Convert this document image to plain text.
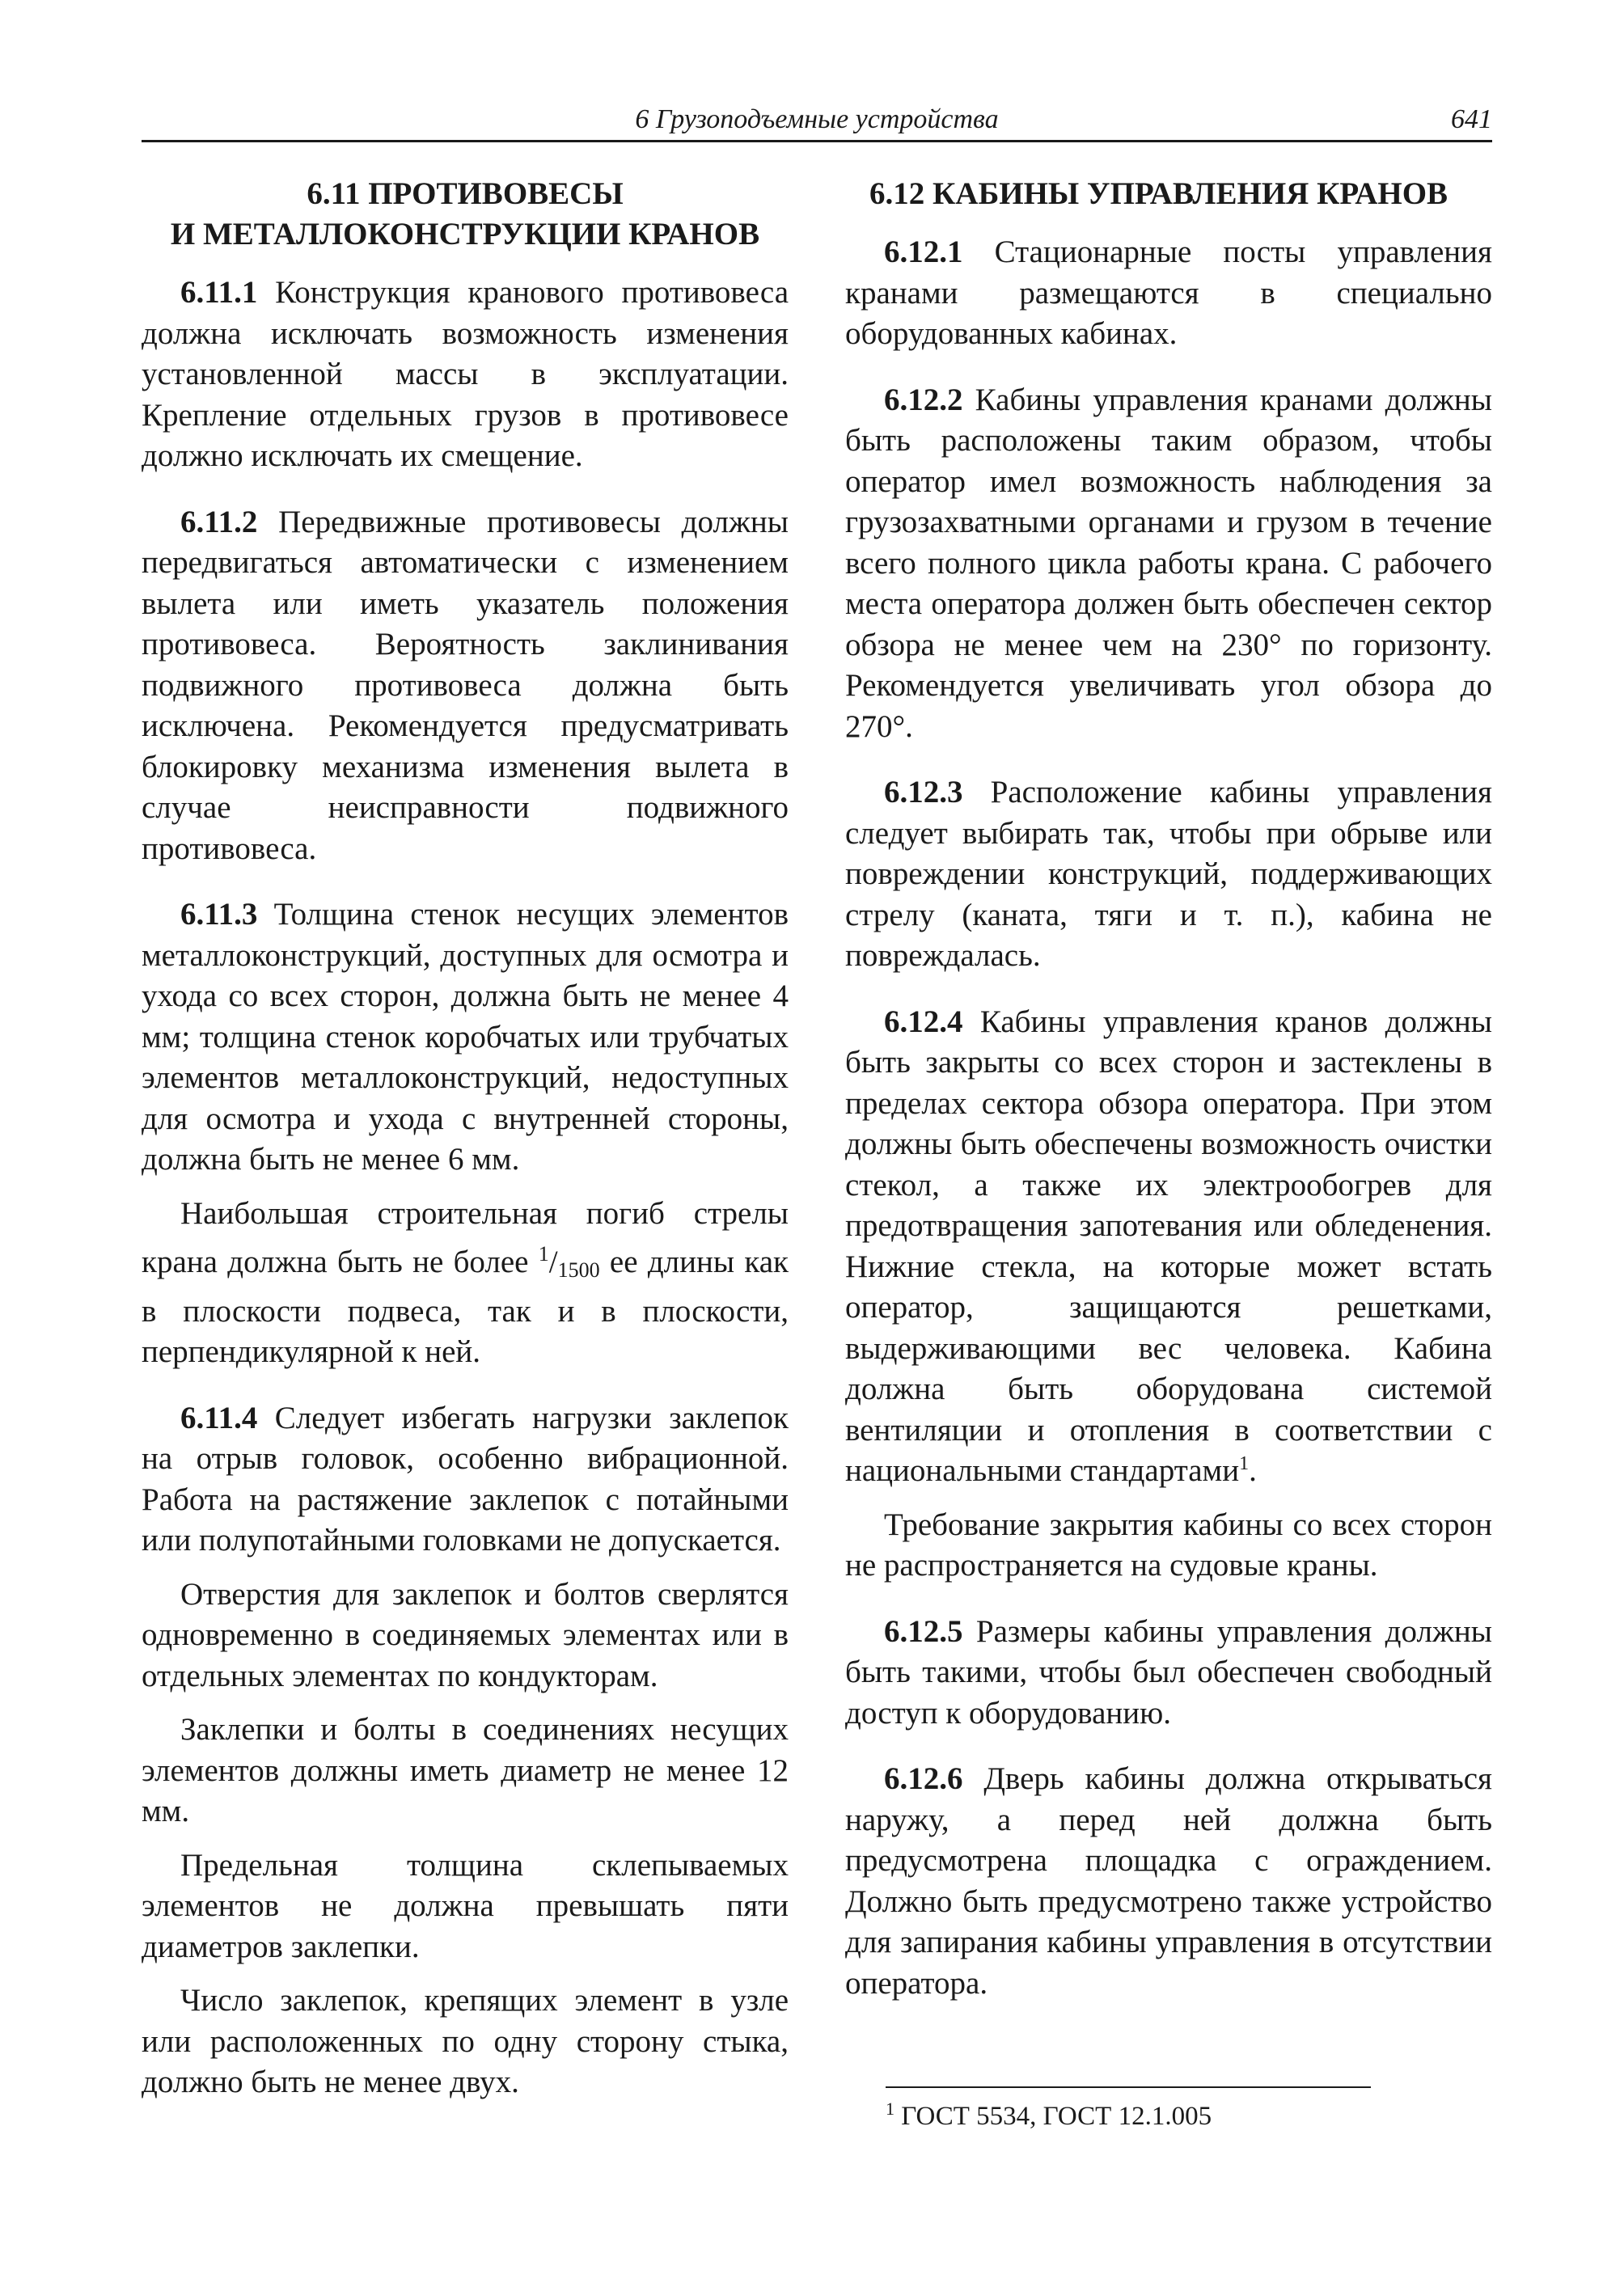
6 Грузоподъемные устройства	641
6.11 ПРОТИВОВЕСЫ
И МЕТАЛЛОКОНСТРУКЦИИ КРАНОВ

6.11.1 Конструкция кранового противовеса должна исключать возможность изменения установленной массы в эксплуатации. Крепление отдельных грузов в противовесе должно исключать их смещение.

6.11.2 Передвижные противовесы должны передвигаться автоматически с изменением вылета или иметь указатель положения противовеса. Вероятность заклинивания подвижного противовеса должна быть исключена. Рекомендуется предусматривать блокировку механизма изменения вылета в случае неисправности подвижного противовеса.

6.11.3 Толщина стенок несущих элементов металлоконструкций, доступных для осмотра и ухода со всех сторон, должна быть не менее 4 мм; толщина стенок коробчатых или трубчатых элементов металлоконструкций, недоступных для осмотра и ухода с внутренней стороны, должна быть не менее 6 мм.

Наибольшая строительная погиб стрелы крана должна быть не более $^1$/1500 ее длины как в плоскости подвеса, так и в плоскости, перпендикулярной к ней.

6.11.4 Следует избегать нагрузки заклепок на отрыв головок, особенно вибрационной. Работа на растяжение заклепок с потайными или полупотайными головками не допускается.

Отверстия для заклепок и болтов сверлятся одновременно в соединяемых элементах или в отдельных элементах по кондукторам.

Заклепки и болты в соединениях несущих элементов должны иметь диаметр не менее 12 мм.

Предельная толщина склепываемых элементов не должна превышать пяти диаметров заклепки.

Число заклепок, крепящих элемент в узле или расположенных по одну сторону стыка, должно быть не менее двух.

6.12 КАБИНЫ УПРАВЛЕНИЯ КРАНОВ

6.12.1 Стационарные посты управления кранами размещаются в специально оборудованных кабинах.

6.12.2 Кабины управления кранами должны быть расположены таким образом, чтобы оператор имел возможность наблюдения за грузозахватными органами и грузом в течение всего полного цикла работы крана. С рабочего места оператора должен быть обеспечен сектор обзора не менее чем на 230° по горизонту. Рекомендуется увеличивать угол обзора до 270°.

6.12.3 Расположение кабины управления следует выбирать так, чтобы при обрыве или повреждении конструкций, поддерживающих стрелу (каната, тяги и т. п.), кабина не повреждалась.

6.12.4 Кабины управления кранов должны быть закрыты со всех сторон и застеклены в пределах сектора обзора оператора. При этом должны быть обеспечены возможность очистки стекол, а также их электрообогрев для предотвращения запотевания или обледенения. Нижние стекла, на которые может встать оператор, защищаются решетками, выдерживающими вес человека. Кабина должна быть оборудована системой вентиляции и отопления в соответствии с национальными стандартами$^1$.

Требование закрытия кабины со всех сторон не распространяется на судовые краны.

6.12.5 Размеры кабины управления должны быть такими, чтобы был обеспечен свободный доступ к оборудованию.

6.12.6 Дверь кабины должна открываться наружу, а перед ней должна быть предусмотрена площадка с ограждением. Должно быть предусмотрено также устройство для запирания кабины управления в отсутствии оператора.

$^1$ ГОСТ 5534, ГОСТ 12.1.005
